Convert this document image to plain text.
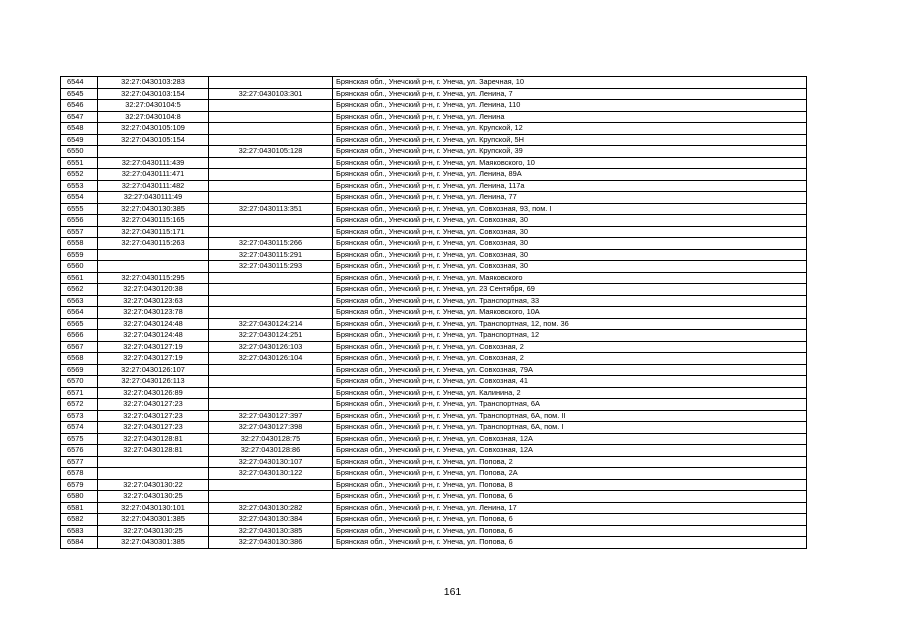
6544	32:27:0430103:283		Брянская обл., Унечский р-н, г. Унеча, ул. Заречная, 10
6545	32:27:0430103:154	32:27:0430103:301	Брянская обл., Унечский р-н, г. Унеча, ул. Ленина, 7
6546	32:27:0430104:5		Брянская обл., Унечский р-н, г. Унеча, ул. Ленина, 110
6547	32:27:0430104:8		Брянская обл., Унечский р-н, г. Унеча, ул. Ленина
6548	32:27:0430105:109		Брянская обл., Унечский р-н, г. Унеча, ул. Крупской, 12
6549	32:27:0430105:154		Брянская обл., Унечский р-н, г. Унеча, ул. Крупской, 5Н
6550		32:27:0430105:128	Брянская обл., Унечский р-н, г. Унеча, ул. Крупской, 39
6551	32:27:0430111:439		Брянская обл., Унечский р-н, г. Унеча, ул. Маяковского, 10
6552	32:27:0430111:471		Брянская обл., Унечский р-н, г. Унеча, ул. Ленина, 89А
6553	32:27:0430111:482		Брянская обл., Унечский р-н, г. Унеча, ул. Ленина, 117а
6554	32:27:0430111:49		Брянская обл., Унечский р-н, г. Унеча, ул. Ленина, 77
6555	32:27:0430130:385	32:27:0430113:351	Брянская обл., Унечский р-н, г. Унеча, ул. Совхозная, 93, пом. I
6556	32:27:0430115:165		Брянская обл., Унечский р-н, г. Унеча, ул. Совхозная, 30
6557	32:27:0430115:171		Брянская обл., Унечский р-н, г. Унеча, ул. Совхозная, 30
6558	32:27:0430115:263	32:27:0430115:266	Брянская обл., Унечский р-н, г. Унеча, ул. Совхозная, 30
6559		32:27:0430115:291	Брянская обл., Унечский р-н, г. Унеча, ул. Совхозная, 30
6560		32:27:0430115:293	Брянская обл., Унечский р-н, г. Унеча, ул. Совхозная, 30
6561	32:27:0430115:295		Брянская обл., Унечский р-н, г. Унеча, ул. Маяковского
6562	32:27:0430120:38		Брянская обл., Унечский р-н, г. Унеча, ул. 23 Сентября, 69
6563	32:27:0430123:63		Брянская обл., Унечский р-н, г. Унеча, ул. Транспортная, 33
6564	32:27:0430123:78		Брянская обл., Унечский р-н, г. Унеча, ул. Маяковского, 10А
6565	32:27:0430124:48	32:27:0430124:214	Брянская обл., Унечский р-н, г. Унеча, ул. Транспортная, 12, пом. 36
6566	32:27:0430124:48	32:27:0430124:251	Брянская обл., Унечский р-н, г. Унеча, ул. Транспортная, 12
6567	32:27:0430127:19	32:27:0430126:103	Брянская обл., Унечский р-н, г. Унеча, ул. Совхозная, 2
6568	32:27:0430127:19	32:27:0430126:104	Брянская обл., Унечский р-н, г. Унеча, ул. Совхозная, 2
6569	32:27:0430126:107		Брянская обл., Унечский р-н, г. Унеча, ул. Совхозная, 79А
6570	32:27:0430126:113		Брянская обл., Унечский р-н, г. Унеча, ул. Совхозная, 41
6571	32:27:0430126:89		Брянская обл., Унечский р-н, г. Унеча, ул. Калинина, 2
6572	32:27:0430127:23		Брянская обл., Унечский р-н, г. Унеча, ул. Транспортная, 6А
6573	32:27:0430127:23	32:27:0430127:397	Брянская обл., Унечский р-н, г. Унеча, ул. Транспортная, 6А, пом. II
6574	32:27:0430127:23	32:27:0430127:398	Брянская обл., Унечский р-н, г. Унеча, ул. Транспортная, 6А, пом. I
6575	32:27:0430128:81	32:27:0430128:75	Брянская обл., Унечский р-н, г. Унеча, ул. Совхозная, 12А
6576	32:27:0430128:81	32:27:0430128:86	Брянская обл., Унечский р-н, г. Унеча, ул. Совхозная, 12А
6577		32:27:0430130:107	Брянская обл., Унечский р-н, г. Унеча, ул. Попова, 2
6578		32:27:0430130:122	Брянская обл., Унечский р-н, г. Унеча, ул. Попова, 2А
6579	32:27:0430130:22		Брянская обл., Унечский р-н, г. Унеча, ул. Попова, 8
6580	32:27:0430130:25		Брянская обл., Унечский р-н, г. Унеча, ул. Попова, 6
6581	32:27:0430130:101	32:27:0430130:282	Брянская обл., Унечский р-н, г. Унеча, ул. Ленина, 17
6582	32:27:0430301:385	32:27:0430130:384	Брянская обл., Унечский р-н, г. Унеча, ул. Попова, 6
6583	32:27:0430130:25	32:27:0430130:385	Брянская обл., Унечский р-н, г. Унеча, ул. Попова, 6
6584	32:27:0430301:385	32:27:0430130:386	Брянская обл., Унечский р-н, г. Унеча, ул. Попова, 6
161
